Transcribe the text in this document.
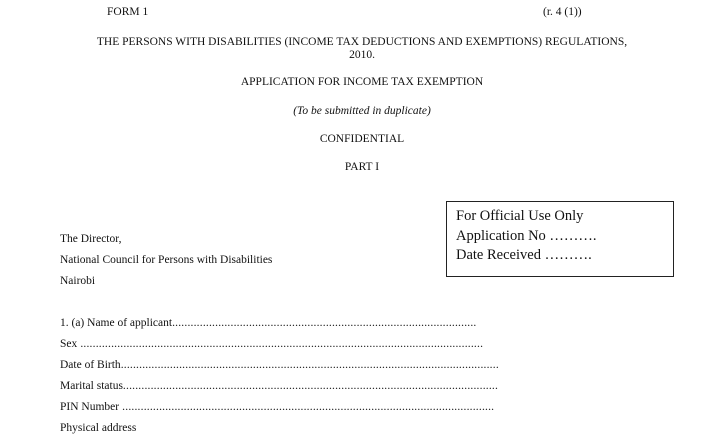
FORM 1	(r. 4 (1))
THE PERSONS WITH DISABILITIES (INCOME TAX DEDUCTIONS AND EXEMPTIONS) REGULATIONS,
2010.
APPLICATION FOR INCOME TAX EXEMPTION
(To be submitted in duplicate)
CONFIDENTIAL
PART I
For Official Use Only
Application No ……….
Date Received ……….
The Director,
National Council for Persons with Disabilities
Nairobi
1. (a) Name of applicant...................................................................................................
Sex ...................................................................................................................................
Date of Birth...........................................................................................................................
Marital status..........................................................................................................................
PIN Number .........................................................................................................................
Physical address
